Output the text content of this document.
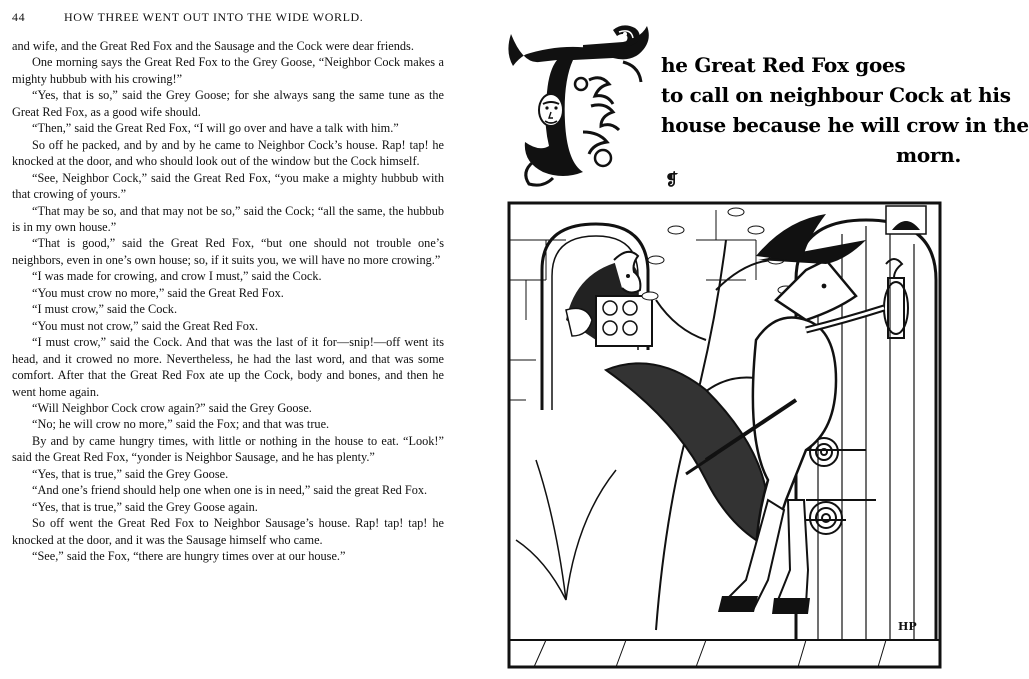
44	HOW THREE WENT OUT INTO THE WIDE WORLD.

and wife, and the Great Red Fox and the Sausage and the Cock were dear friends.

One morning says the Great Red Fox to the Grey Goose, “Neighbor Cock makes a mighty hubbub with his crowing!”

“Yes, that is so,” said the Grey Goose; for she always sang the same tune as the Great Red Fox, as a good wife should.

“Then,” said the Great Red Fox, “I will go over and have a talk with him.”

So off he packed, and by and by he came to Neighbor Cock’s house. Rap! tap! he knocked at the door, and who should look out of the window but the Cock himself.

“See, Neighbor Cock,” said the Great Red Fox, “you make a mighty hubbub with that crowing of yours.”

“That may be so, and that may not be so,” said the Cock; “all the same, the hubbub is in my own house.”

“That is good,” said the Great Red Fox, “but one should not trouble one’s neighbors, even in one’s own house; so, if it suits you, we will have no more crowing.”

“I was made for crowing, and crow I must,” said the Cock.

“You must crow no more,” said the Great Red Fox.

“I must crow,” said the Cock.

“You must not crow,” said the Great Red Fox.

“I must crow,” said the Cock. And that was the last of it for—snip!—off went its head, and it crowed no more. Nevertheless, he had the last word, and that was some comfort. After that the Great Red Fox ate up the Cock, body and bones, and then he went home again.

“Will Neighbor Cock crow again?” said the Grey Goose.

“No; he will crow no more,” said the Fox; and that was true.

By and by came hungry times, with little or nothing in the house to eat. “Look!” said the Great Red Fox, “yonder is Neighbor Sausage, and he has plenty.”

“Yes, that is true,” said the Grey Goose.

“And one’s friend should help one when one is in need,” said the great Red Fox.

“Yes, that is true,” said the Grey Goose again.

So off went the Great Red Fox to Neighbor Sausage’s house. Rap! tap! tap! he knocked at the door, and it was the Sausage himself who came.

“See,” said the Fox, “there are hungry times over at our house.”

he Great Red Fox goes
to call on neighbour Cock at his
house because he will crow in the
morn.
❡
HP
